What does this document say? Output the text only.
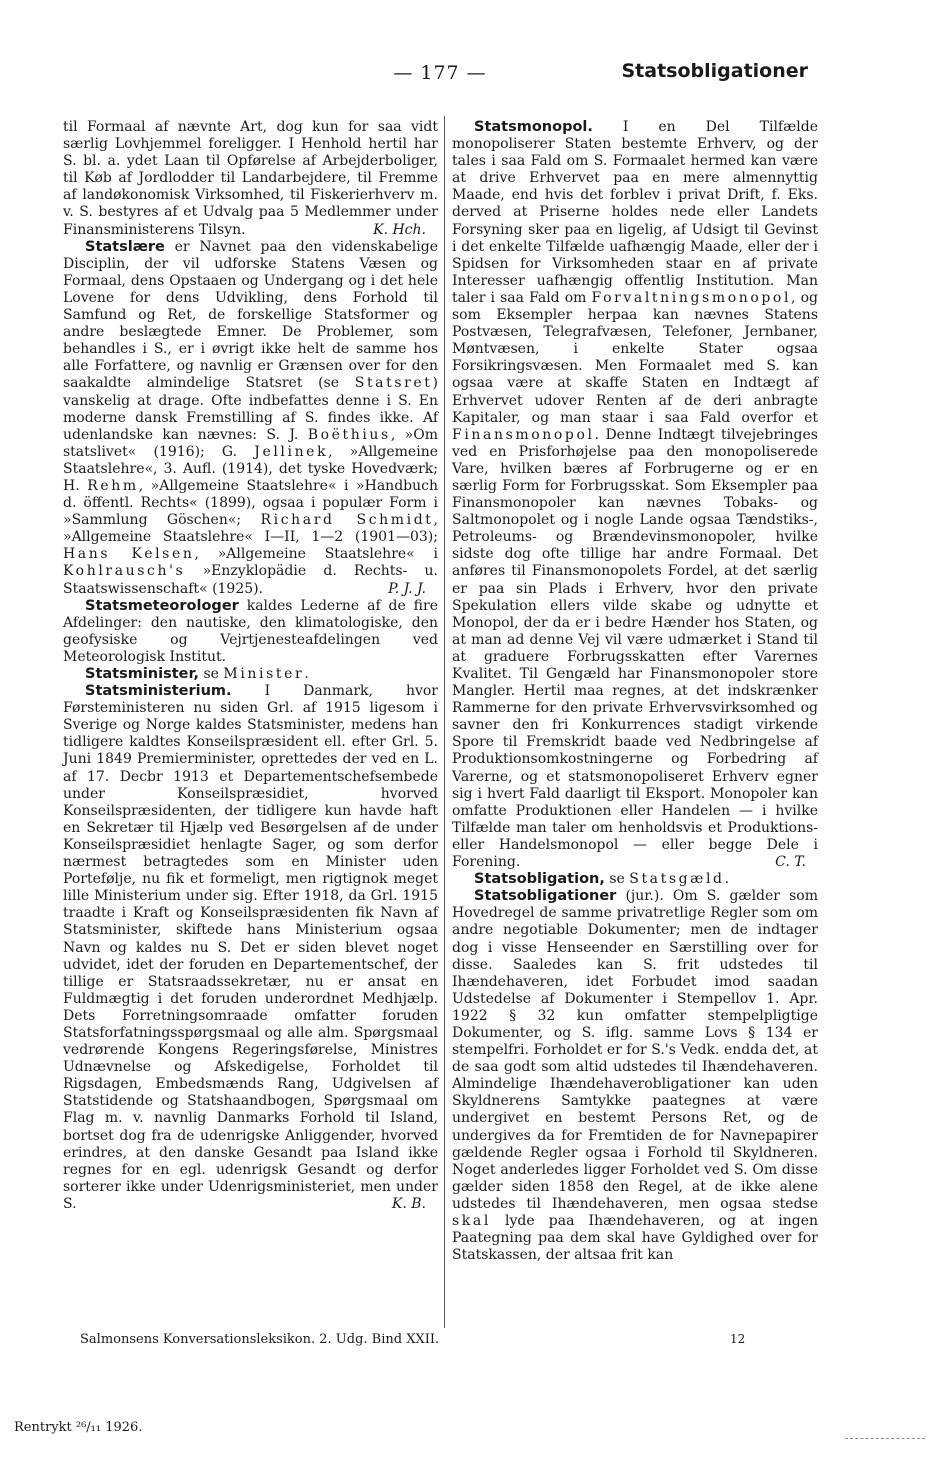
— 177 —	Statsobligationer

til Formaal af nævnte Art, dog kun for saa vidt særlig Lovhjemmel foreligger. I Henhold hertil har S. bl. a. ydet Laan til Opførelse af Arbejderboliger, til Køb af Jordlodder til Landarbejdere, til Fremme af landøkonomisk Virksomhed, til Fiskerierhverv m. v. S. bestyres af et Udvalg paa 5 Medlemmer under Finansministerens Tilsyn.	K. Hch.

Statslære er Navnet paa den videnskabelige Disciplin, der vil udforske Statens Væsen og Formaal, dens Opstaaen og Undergang og i det hele Lovene for dens Udvikling, dens Forhold til Samfund og Ret, de forskellige Statsformer og andre beslægtede Emner. De Problemer, som behandles i S., er i øvrigt ikke helt de samme hos alle Forfattere, og navnlig er Grænsen over for den saakaldte almindelige Statsret (se Statsret) vanskelig at drage. Ofte indbefattes denne i S. En moderne dansk Fremstilling af S. findes ikke. Af udenlandske kan nævnes: S. J. Boëthius, »Om statslivet« (1916); G. Jellinek, »Allgemeine Staatslehre«, 3. Aufl. (1914), det tyske Hovedværk; H. Rehm, »Allgemeine Staatslehre« i »Handbuch d. öffentl. Rechts« (1899), ogsaa i populær Form i »Sammlung Göschen«; Richard Schmidt, »Allgemeine Staatslehre« I—II, 1—2 (1901—03); Hans Kelsen, »Allgemeine Staatslehre« i Kohlrausch's »Enzyklopädie d. Rechts- u. Staatswissenschaft« (1925).	P. J. J.

Statsmeteorologer kaldes Lederne af de fire Afdelinger: den nautiske, den klimatologiske, den geofysiske og Vejrtjenesteafdelingen ved Meteorologisk Institut.

Statsminister, se Minister.

Statsministerium. I Danmark, hvor Førsteministeren nu siden Grl. af 1915 ligesom i Sverige og Norge kaldes Statsminister, medens han tidligere kaldtes Konseilspræsident ell. efter Grl. 5. Juni 1849 Premierminister, oprettedes der ved en L. af 17. Decbr 1913 et Departementschefsembede under Konseilspræsidiet, hvorved Konseilspræsidenten, der tidligere kun havde haft en Sekretær til Hjælp ved Besørgelsen af de under Konseilspræsidiet henlagte Sager, og som derfor nærmest betragtedes som en Minister uden Portefølje, nu fik et formeligt, men rigtignok meget lille Ministerium under sig. Efter 1918, da Grl. 1915 traadte i Kraft og Konseilspræsidenten fik Navn af Statsminister, skiftede hans Ministerium ogsaa Navn og kaldes nu S. Det er siden blevet noget udvidet, idet der foruden en Departementschef, der tillige er Statsraadssekretær, nu er ansat en Fuldmægtig i det foruden underordnet Medhjælp. Dets Forretningsomraade omfatter foruden Statsforfatningsspørgsmaal og alle alm. Spørgsmaal vedrørende Kongens Regeringsførelse, Ministres Udnævnelse og Afskedigelse, Forholdet til Rigsdagen, Embedsmænds Rang, Udgivelsen af Statstidende og Statshaandbogen, Spørgsmaal om Flag m. v. navnlig Danmarks Forhold til Island, bortset dog fra de udenrigske Anliggender, hvorved erindres, at den danske Gesandt paa Island ikke regnes for en egl. udenrigsk Gesandt og derfor sorterer ikke under Udenrigsministeriet, men under S.	K. B.

Statsmonopol. I en Del Tilfælde monopoliserer Staten bestemte Erhverv, og der tales i saa Fald om S. Formaalet hermed kan være at drive Erhvervet paa en mere almennyttig Maade, end hvis det forblev i privat Drift, f. Eks. derved at Priserne holdes nede eller Landets Forsyning sker paa en ligelig, af Udsigt til Gevinst i det enkelte Tilfælde uafhængig Maade, eller der i Spidsen for Virksomheden staar en af private Interesser uafhængig offentlig Institution. Man taler i saa Fald om Forvaltningsmonopol, og som Eksempler herpaa kan nævnes Statens Postvæsen, Telegrafvæsen, Telefoner, Jernbaner, Møntvæsen, i enkelte Stater ogsaa Forsikringsvæsen. Men Formaalet med S. kan ogsaa være at skaffe Staten en Indtægt af Erhvervet udover Renten af de deri anbragte Kapitaler, og man staar i saa Fald overfor et Finansmonopol. Denne Indtægt tilvejebringes ved en Prisforhøjelse paa den monopoliserede Vare, hvilken bæres af Forbrugerne og er en særlig Form for Forbrugsskat. Som Eksempler paa Finansmonopoler kan nævnes Tobaks- og Saltmonopolet og i nogle Lande ogsaa Tændstiks-, Petroleums- og Brændevinsmonopoler, hvilke sidste dog ofte tillige har andre Formaal. Det anføres til Finansmonopolets Fordel, at det særlig er paa sin Plads i Erhverv, hvor den private Spekulation ellers vilde skabe og udnytte et Monopol, der da er i bedre Hænder hos Staten, og at man ad denne Vej vil være udmærket i Stand til at graduere Forbrugsskatten efter Varernes Kvalitet. Til Gengæld har Finansmonopoler store Mangler. Hertil maa regnes, at det indskrænker Rammerne for den private Erhvervsvirksomhed og savner den fri Konkurrences stadigt virkende Spore til Fremskridt baade ved Nedbringelse af Produktionsomkostningerne og Forbedring af Varerne, og et statsmonopoliseret Erhverv egner sig i hvert Fald daarligt til Eksport. Monopoler kan omfatte Produktionen eller Handelen — i hvilke Tilfælde man taler om henholdsvis et Produktions- eller Handelsmonopol — eller begge Dele i Forening.	C. T.

Statsobligation, se Statsgæld.

Statsobligationer (jur.). Om S. gælder som Hovedregel de samme privatretlige Regler som om andre negotiable Dokumenter; men de indtager dog i visse Henseender en Særstilling over for disse. Saaledes kan S. frit udstedes til Ihændehaveren, idet Forbudet imod saadan Udstedelse af Dokumenter i Stempellov 1. Apr. 1922 § 32 kun omfatter stempelpligtige Dokumenter, og S. iflg. samme Lovs § 134 er stempelfri. Forholdet er for S.'s Vedk. endda det, at de saa godt som altid udstedes til Ihændehaveren. Almindelige Ihændehaverobligationer kan uden Skyldnerens Samtykke paategnes at være undergivet en bestemt Persons Ret, og de undergives da for Fremtiden de for Navnepapirer gældende Regler ogsaa i Forhold til Skyldneren. Noget anderledes ligger Forholdet ved S. Om disse gælder siden 1858 den Regel, at de ikke alene udstedes til Ihændehaveren, men ogsaa stedse skal lyde paa Ihændehaveren, og at ingen Paategning paa dem skal have Gyldighed over for Statskassen, der altsaa frit kan

Salmonsens Konversationsleksikon. 2. Udg. Bind XXII.	12
Rentrykt ²⁶/₁₁ 1926.
